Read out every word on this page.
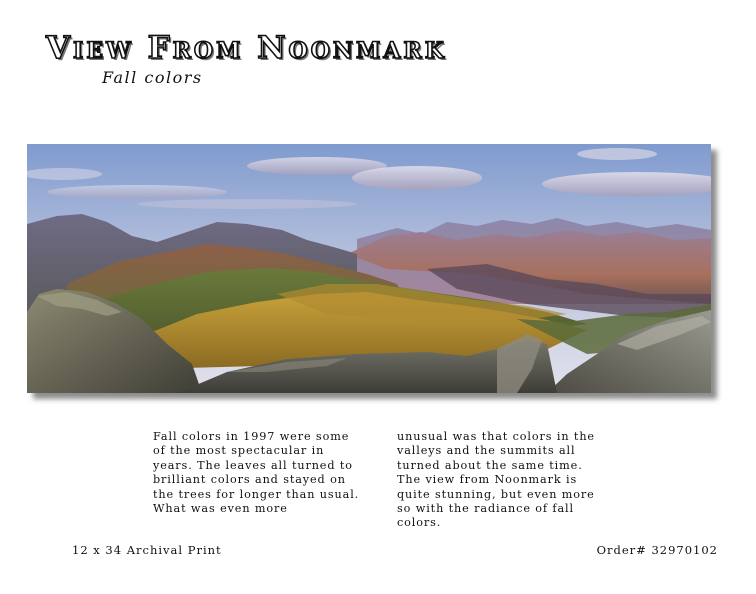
View From Noonmark
Fall colors

Fall colors in 1997 were some of the most spectacular in years. The leaves all turned to brilliant colors and stayed on the trees for longer than usual. What was even more

unusual was that colors in the valleys and the summits all turned about the same time. The view from Noonmark is quite stunning, but even more so with the radiance of fall colors.

12 x 34 Archival Print	Order# 32970102
